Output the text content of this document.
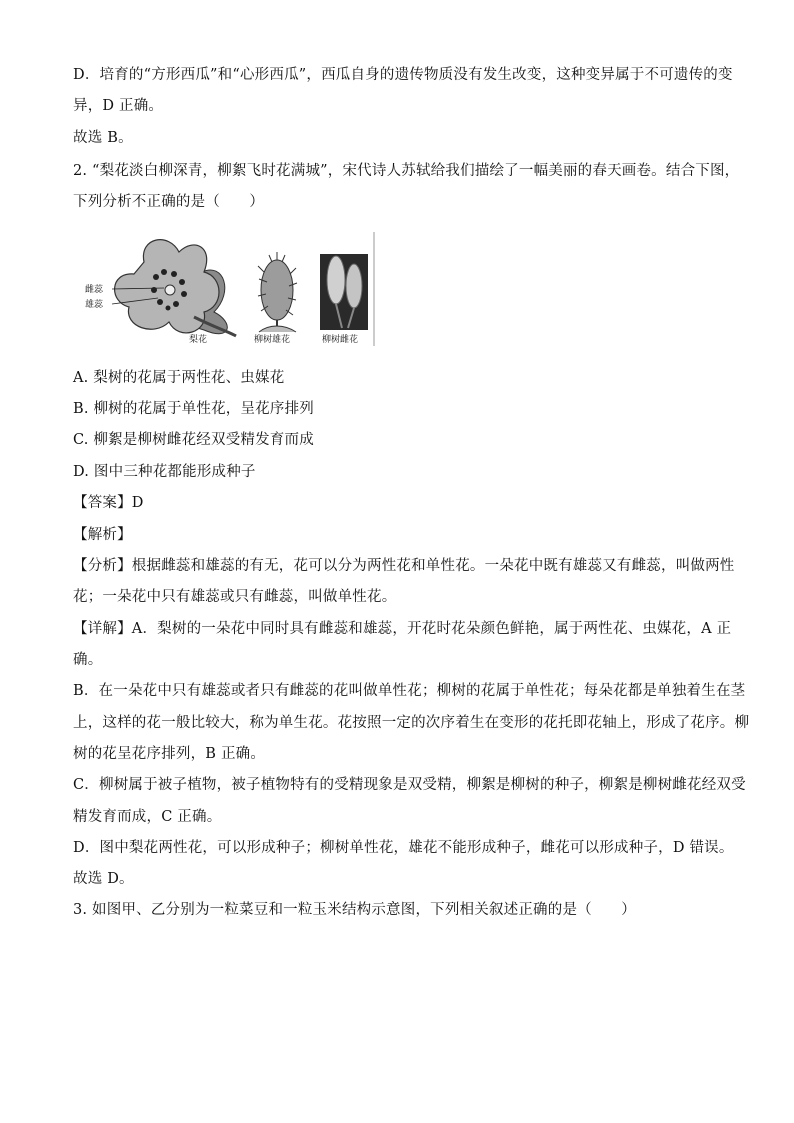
D．培育的“方形西瓜”和“心形西瓜”，西瓜自身的遗传物质没有发生改变，这种变异属于不可遗传的变
异，D 正确。
故选 B。
2. “梨花淡白柳深青，柳絮飞时花满城”，宋代诗人苏轼给我们描绘了一幅美丽的春天画卷。结合下图，
下列分析不正确的是（　　）
雌蕊
雄蕊
梨花	柳树雄花	柳树雌花
A. 梨树的花属于两性花、虫媒花
B. 柳树的花属于单性花，呈花序排列
C. 柳絮是柳树雌花经双受精发育而成
D. 图中三种花都能形成种子
【答案】D
【解析】
【分析】根据雌蕊和雄蕊的有无，花可以分为两性花和单性花。一朵花中既有雄蕊又有雌蕊，叫做两性
花；一朵花中只有雄蕊或只有雌蕊，叫做单性花。
【详解】A．梨树的一朵花中同时具有雌蕊和雄蕊，开花时花朵颜色鲜艳，属于两性花、虫媒花，A 正
确。
B．在一朵花中只有雄蕊或者只有雌蕊的花叫做单性花；柳树的花属于单性花；每朵花都是单独着生在茎
上，这样的花一般比较大，称为单生花。花按照一定的次序着生在变形的花托即花轴上，形成了花序。柳
树的花呈花序排列，B 正确。
C．柳树属于被子植物，被子植物特有的受精现象是双受精，柳絮是柳树的种子，柳絮是柳树雌花经双受
精发育而成，C 正确。
D．图中梨花两性花，可以形成种子；柳树单性花，雄花不能形成种子，雌花可以形成种子，D 错误。
故选 D。
3. 如图甲、乙分别为一粒菜豆和一粒玉米结构示意图，下列相关叙述正确的是（　　）
